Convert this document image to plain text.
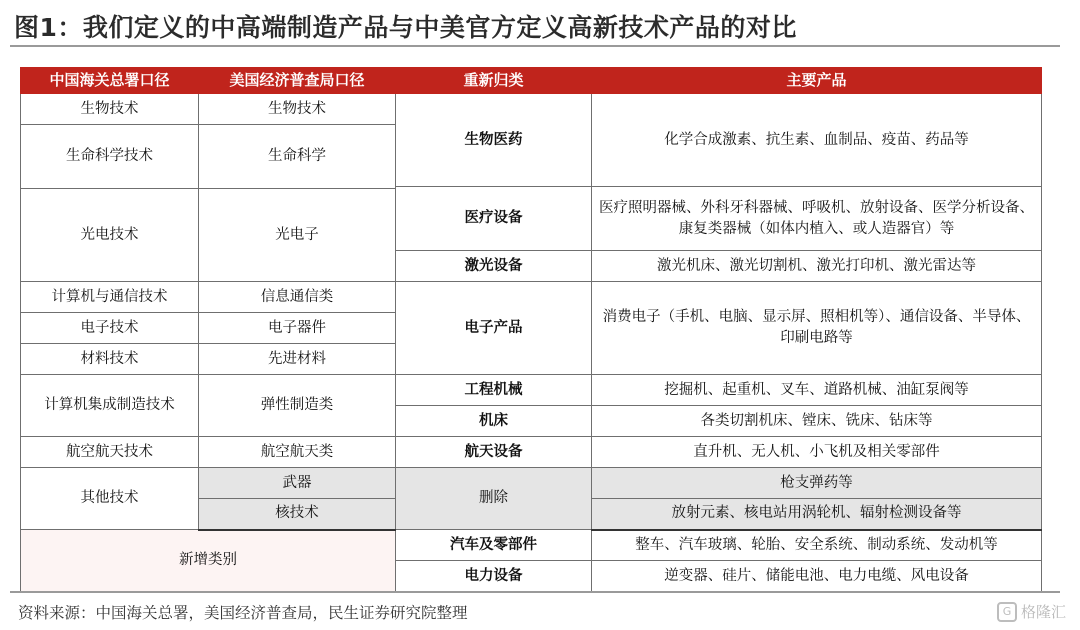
图1：我们定义的中高端制造产品与中美官方定义高新技术产品的对比
中国海关总署口径	美国经济普查局口径	重新归类	主要产品
生物技术	生物技术	生物医药	化学合成激素、抗生素、血制品、疫苗、药品等
生命科学技术	生命科学		
		医疗设备	医疗照明器械、外科牙科器械、呼吸机、放射设备、医学分析设备、康复类器械（如体内植入、或人造器官）等
光电技术	光电子		
		激光设备	激光机床、激光切割机、激光打印机、激光雷达等
计算机与通信技术	信息通信类	电子产品	消费电子（手机、电脑、显示屏、照相机等）、通信设备、半导体、印刷电路等
电子技术	电子器件		
材料技术	先进材料		
计算机集成制造技术	弹性制造类	工程机械	挖掘机、起重机、叉车、道路机械、油缸泵阀等
		机床	各类切割机床、镗床、铣床、钻床等
航空航天技术	航空航天类	航天设备	直升机、无人机、小飞机及相关零部件
其他技术	武器	删除	枪支弹药等
	核技术		放射元素、核电站用涡轮机、辐射检测设备等
新增类别		汽车及零部件	整车、汽车玻璃、轮胎、安全系统、制动系统、发动机等
		电力设备	逆变器、硅片、储能电池、电力电缆、风电设备
资料来源：中国海关总署，美国经济普查局，民生证券研究院整理	G 格隆汇
